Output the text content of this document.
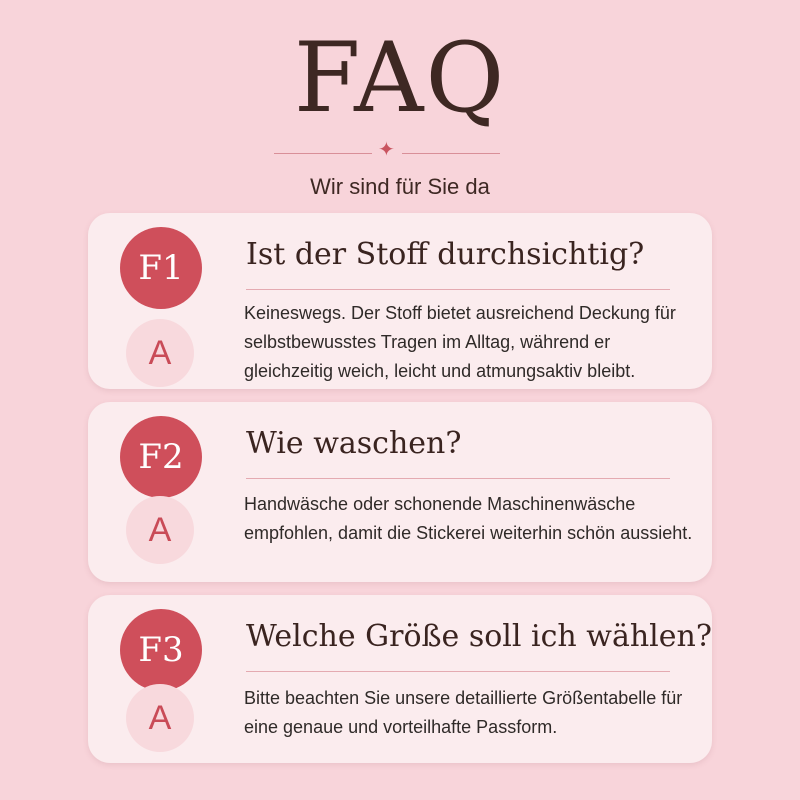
FAQ
✦
Wir sind für Sie da
F1
A
Ist der Stoff durchsichtig?
Keineswegs. Der Stoff bietet ausreichend Deckung für selbstbewusstes Tragen im Alltag, während er gleichzeitig weich, leicht und atmungsaktiv bleibt.
F2
A
Wie waschen?
Handwäsche oder schonende Maschinenwäsche empfohlen, damit die Stickerei weiterhin schön aussieht.
F3
A
Welche Größe soll ich wählen?
Bitte beachten Sie unsere detaillierte Größentabelle für eine genaue und vorteilhafte Passform.
